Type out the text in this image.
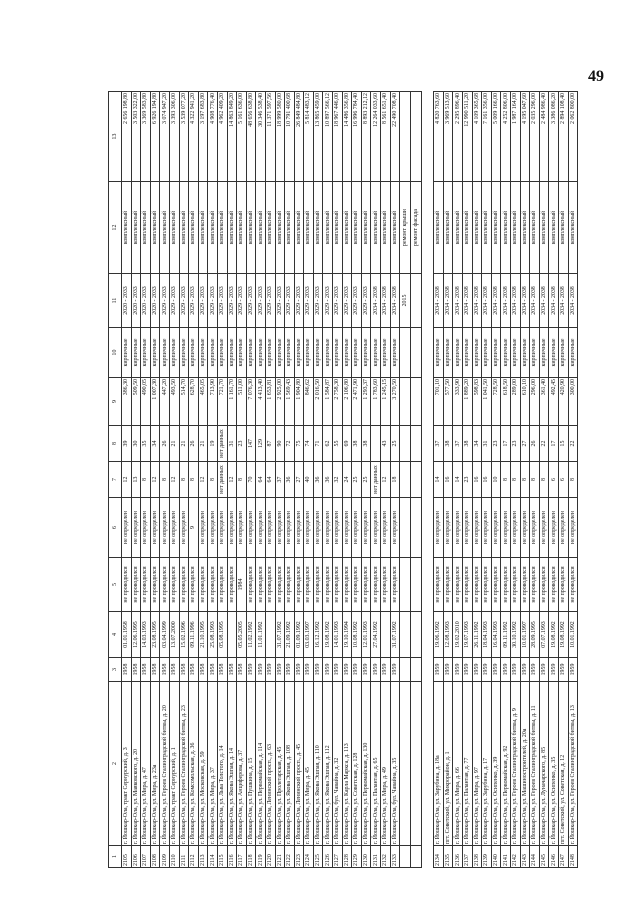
49
1	2	3	4	5	6	7	8	9	10	11	12	13
2105	г. Йошкар-Ола, тракт Сернурский, д. 3	1958	01.01.1958	не проводился	не определен	12	39	386,30	кирпичные	2020 - 2033	комплексный	2 656 198,80
2106	г. Йошкар-Ола, ул. Маяковского, д. 20	1958	12.06.1995	не проводился	не определен	13	30	509,50	кирпичные	2020 - 2033	комплексный	3 503 322,00
2107	г. Йошкар-Ола, ул. Мира, д. 47	1958	14.03.1993	не проводился	не определен	8	35	490,05	кирпичные	2020 - 2033	комплексный	3 369 583,80
2108	г. Йошкар-Ола, ул. Мира, д. 23а	1958	23.08.1995	не проводился	не определен	12	34	1 007,30	кирпичные	2020 - 2033	комплексный	6 926 194,80
2109	г. Йошкар-Ола, ул. Героев Сталинградской битвы, д. 20	1958	03.04.1999	не проводился	не определен	8	26	447,20	кирпичные	2029 - 2033	комплексный	3 074 947,20
2110	г. Йошкар-Ола, тракт Сернурский, д. 1	1958	13.07.2000	не проводился	не определен	12	21	493,50	кирпичные	2029 - 2033	комплексный	3 393 306,00
2111	г. Йошкар-Ола, ул. Героев Сталинградской битвы, д. 23	1958	15.02.1996	не проводился	не определен	8	21	514,70	кирпичные	2029 - 2033	комплексный	3 539 077,20
2112	г. Йошкар-Ола, ул. Комсомольская, д. 36	1958	09.11.1996	не проводился	9	8	26	628,70	кирпичные	2029 - 2033	комплексный	4 322 941,20
2113	г. Йошкар-Ола, ул. Московская, д. 59	1958	21.10.1995	не проводился	не определен	12	21	465,05	кирпичные	2029 - 2033	комплексный	3 197 683,80
2114	г. Йошкар-Ола, ул. Мира, д. 37	1958	25.08.1993	не проводился	не определен	8	19	713,90	кирпичные	2029 - 2033	комплексный	4 908 776,40
2115	г. Йошкар-Ола, ул. Льва Толстого, д. 14	1958	05.08.1995	не проводился	не определен	нет данных	нет данных	721,70	кирпичные	2029 - 2033	комплексный	4 962 409,20
2116	г. Йошкар-Ола, ул. Якова Эшпая, д. 14	1958		не проводился	не определен	12	31	1 161,70	кирпичные	2029 - 2033	комплексный	14 863 849,20
2117	г. Йошкар-Ола, ул. Анциферова, д. 37	1958	05.05.2005	1984	не определен	8	23	511,00	кирпичные	2029 - 2033	комплексный	5 161 636,00
2118	г. Йошкар-Ола, ул. Пушкина, д. 15	1959	11.02.1992	не проводился	не определен	70	147	7 076,30	кирпичные	2029 - 2033	комплексный	48 656 638,80
2119	г. Йошкар-Ола, ул. Первомайская, д. 114	1959	11.01.1992	не проводился	не определен	64	129	4 413,40	кирпичные	2029 - 2033	комплексный	30 346 538,40
2120	г. Йошкар-Ола, Ленинский просп., д. 63	1959		не проводился	не определен	64	87	1 653,81	кирпичные	2029 - 2033	комплексный	11 371 597,56
2121	г. Йошкар-Ола, ул. Пролетарская, д. 45	1959	31.07.1992	не проводился	не определен	37	90	2 925,00	кирпичные	2029 - 2033	комплексный	18 999 580,00
2122	г. Йошкар-Ола, ул. Якова Эшпая, д. 108	1959	21.09.1992	не проводился	не определен	36	72	1 569,43	кирпичные	2029 - 2033	комплексный	10 791 400,68
2123	г. Йошкар-Ола, Ленинский просп., д. 45	1959	01.09.1992	не проводился	не определен	27	75	1 904,80	кирпичные	2029 - 2033	комплексный	26 849 484,80
2124	г. Йошкар-Ола, ул. Мира, д. 45	1959	03.03.1997	не проводился	не определен	40	74	846,62	кирпичные	2029 - 2033	комплексный	5 814 483,12
2125	г. Йошкар-Ола, ул. Якова Эшпая, д. 110	1959	16.12.1992	не проводился	не определен	36	71	2 016,50	кирпичные	2029 - 2033	комплексный	13 865 459,00
2126	г. Йошкар-Ола, ул. Якова Эшпая, д. 112	1959	19.08.1992	не проводился	не определен	36	62	1 584,87	кирпичные	2029 - 2033	комплексный	10 897 566,12
2127	г. Йошкар-Ола, бул. Чавайна, д. 32	1959	14.01.1993	не проводился	не определен	32	55	2 758,30	кирпичные	2029 - 2033	комплексный	18 967 446,00
2128	г. Йошкар-Ола, ул. Карла Маркса, д. 113	1959	19.10.1994	не проводился	не определен	24	69	2 106,80	кирпичные	2029 - 2033	комплексный	14 486 356,80
2129	г. Йошкар-Ола, ул. Советская, д. 128	1959	10.08.1992	не проводился	не определен	25	38	2 471,90	кирпичные	2029 - 2033	комплексный	16 996 784,40
2130	г. Йошкар-Ола, ул. Первомайская, д. 130	1959	12.01.1993	не проводился	не определен	25	38	1 293,37	кирпичные	2029 - 2033	комплексный	8 893 212,12
2131	г. Йошкар-Ола, ул. Палантая, д. 65	1959	27.04.1992	не проводился	не определен	нет данных		1 783,60	кирпичные	2034 - 2038	комплексный	12 264 033,60
2132	г. Йошкар-Ола, ул. Мира, д. 49	1959		не проводился	не определен	12	43	1 245,15	кирпичные	2034 - 2038	комплексный	8 561 651,40
2133	г. Йошкар-Ола, бул. Чавайна, д. 35	1959	31.07.1992	не проводился	не определен	18	25	3 270,50	кирпичные	2034 - 2038	комплексный	22 490 708,40
										2015	ремонт крыши	
											ремонт фасада	

2134	г. Йошкар-Ола, ул. Зарубина, д. 18а	1959	19.06.1992	не проводился	не определен	14	37	701,10	кирпичные	2034 - 2038	комплексный	4 820 763,60
2135	пгт. Советский, ул. Микрорайон, д. 1	1959	12.08.1993	не проводился	не определен	16	38	577,50	кирпичные	2034 - 2038	комплексный	3 969 513,60
2136	г. Йошкар-Ола, ул. Мира, д. 66	1959	19.02.2010	не проводился	не определен	14	37	333,90	кирпичные	2034 - 2038	комплексный	2 295 896,40
2137	г. Йошкар-Ола, ул. Палантая, д. 77	1959	19.07.1993	не проводился	не определен	23	38	1 889,20	кирпичные	2034 - 2038	комплексный	12 990 511,20
2138	г. Йошкар-Ола, ул. Мира, д. 97	1959	26.11.1992	не проводился	не определен	16	34	598,83	кирпичные	2034 - 2038	комплексный	4 109 365,68
2139	г. Йошкар-Ола, ул. Зарубина, д. 17	1959	18.04.1993	не проводился	не определен	16	31	1 041,50	кирпичные	2034 - 2038	комплексный	7 161 356,00
2140	г. Йошкар-Ола, ул. Осипенко, д. 39	1959	16.04.1993	не проводился	не определен	10	23	728,50	кирпичные	2034 - 2038	комплексный	5 009 166,00
2141	г. Йошкар-Ола, ул. Первомайская, д. 92	1959	09.11.1992	не проводился	не определен	8	17	618,50	кирпичные	2034 - 2038	комплексный	4 252 806,00
2142	г. Йошкар-Ола, ул. Героев Сталинградской битвы, д. 9	1959	30.10.1992	не проводился	не определен	8	23	289,00	кирпичные	2034 - 2038	комплексный	1 987 164,00
2143	г. Йошкар-Ола, ул. Машиностроителей, д. 20а	1959	10.01.1997	не проводился	не определен	8	27	610,10	кирпичные	2034 - 2038	комплексный	4 195 047,60
2144	г. Йошкар-Ола, ул. Героев Сталинградской битвы, д. 11	1959	28.09.1995	не проводился	не определен	8	26	296,00	кирпичные	2034 - 2038	комплексный	2 035 296,00
2145	г. Йошкар-Ола, ул. Луначарского, д. 85	1959	07.07.1993	не проводился	не определен	8	22	361,40	кирпичные	2034 - 2038	комплексный	2 484 986,40
2146	г. Йошкар-Ола, ул. Осипенко, д. 35	1959	19.08.1992	не проводился	не определен	6	17	492,45	кирпичные	2034 - 2038	комплексный	3 386 086,20
2147	пгт. Советский, ул. Советская, д. 12	1959	19.08.1992	не проводился	не определен	6	15	420,90	кирпичные	2034 - 2038	комплексный	2 894 108,40
2148	г. Йошкар-Ола, ул. Героев Сталинградской битвы, д. 13	1959	10.01.1992	не проводился	не определен	8	22	300,00	кирпичные	2034 - 2038	комплексный	2 062 800,00
